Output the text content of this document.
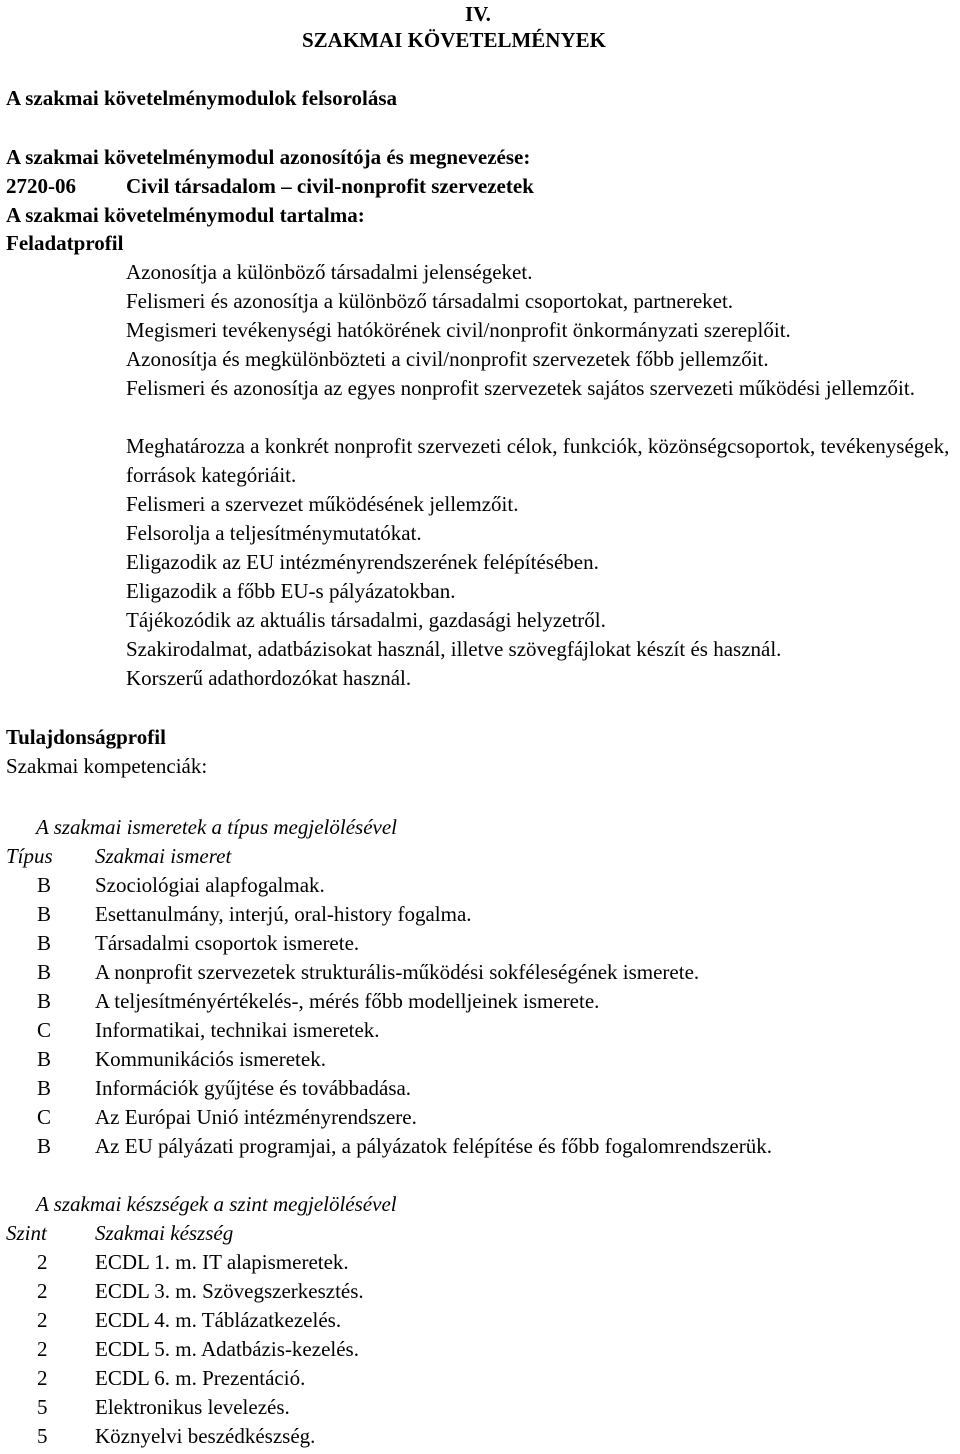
IV.
SZAKMAI KÖVETELMÉNYEK
A szakmai követelménymodulok felsorolása
A szakmai követelménymodul azonosítója és megnevezése:
2720-06 Civil társadalom – civil-nonprofit szervezetek
A szakmai követelménymodul tartalma:
Feladatprofil
Azonosítja a különböző társadalmi jelenségeket.
Felismeri és azonosítja a különböző társadalmi csoportokat, partnereket.
Megismeri tevékenységi hatókörének civil/nonprofit önkormányzati szereplőit.
Azonosítja és megkülönbözteti a civil/nonprofit szervezetek főbb jellemzőit.
Felismeri és azonosítja az egyes nonprofit szervezetek sajátos szervezeti működési jellemzőit.
Meghatározza a konkrét nonprofit szervezeti célok, funkciók, közönségcsoportok, tevékenységek, források kategóriáit.
Felismeri a szervezet működésének jellemzőit.
Felsorolja a teljesítménymutatókat.
Eligazodik az EU intézményrendszerének felépítésében.
Eligazodik a főbb EU-s pályázatokban.
Tájékozódik az aktuális társadalmi, gazdasági helyzetről.
Szakirodalmat, adatbázisokat használ, illetve szövegfájlokat készít és használ.
Korszerű adathordozókat használ.
Tulajdonságprofil
Szakmai kompetenciák:
A szakmai ismeretek a típus megjelölésével
Típus Szakmai ismeret
B Szociológiai alapfogalmak.
B Esettanulmány, interjú, oral-history fogalma.
B Társadalmi csoportok ismerete.
B A nonprofit szervezetek strukturális-működési sokféleségének ismerete.
B A teljesítményértékelés-, mérés főbb modelljeinek ismerete.
C Informatikai, technikai ismeretek.
B Kommunikációs ismeretek.
B Információk gyűjtése és továbbadása.
C Az Európai Unió intézményrendszere.
B Az EU pályázati programjai, a pályázatok felépítése és főbb fogalomrendszerük.
A szakmai készségek a szint megjelölésével
Szint Szakmai készség
2 ECDL 1. m. IT alapismeretek.
2 ECDL 3. m. Szövegszerkesztés.
2 ECDL 4. m. Táblázatkezelés.
2 ECDL 5. m. Adatbázis-kezelés.
2 ECDL 6. m. Prezentáció.
5 Elektronikus levelezés.
5 Köznyelvi beszédkészség.
